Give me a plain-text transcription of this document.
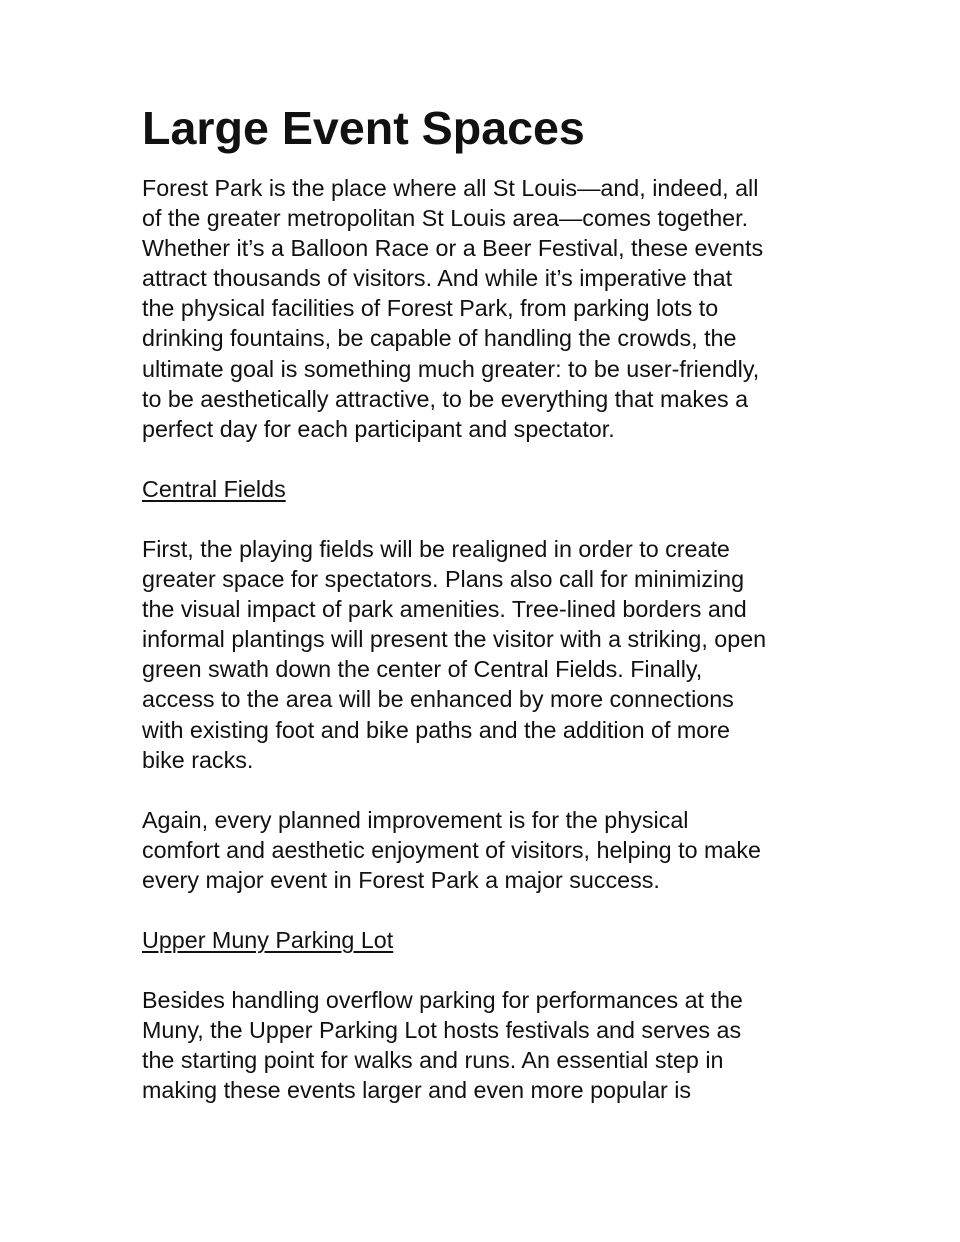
Large Event Spaces

Forest Park is the place where all St Louis—and, indeed, all
of the greater metropolitan St Louis area—comes together.
Whether it’s a Balloon Race or a Beer Festival, these events
attract thousands of visitors. And while it’s imperative that
the physical facilities of Forest Park, from parking lots to
drinking fountains, be capable of handling the crowds, the
ultimate goal is something much greater: to be user-friendly,
to be aesthetically attractive, to be everything that makes a
perfect day for each participant and spectator.

Central Fields

First, the playing fields will be realigned in order to create
greater space for spectators. Plans also call for minimizing
the visual impact of park amenities. Tree-lined borders and
informal plantings will present the visitor with a striking, open
green swath down the center of Central Fields. Finally,
access to the area will be enhanced by more connections
with existing foot and bike paths and the addition of more
bike racks.

Again, every planned improvement is for the physical
comfort and aesthetic enjoyment of visitors, helping to make
every major event in Forest Park a major success.

Upper Muny Parking Lot

Besides handling overflow parking for performances at the
Muny, the Upper Parking Lot hosts festivals and serves as
the starting point for walks and runs. An essential step in
making these events larger and even more popular is
